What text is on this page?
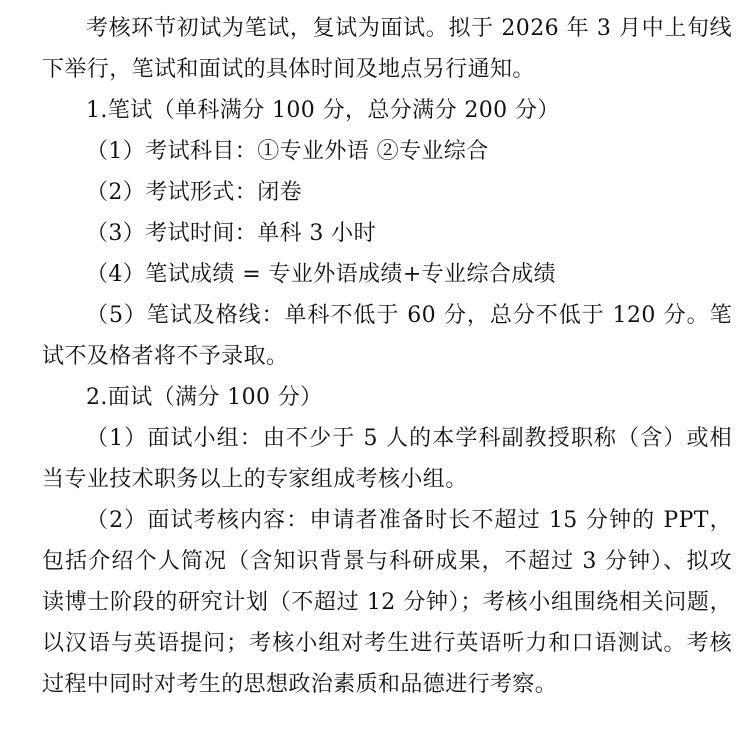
考核环节初试为笔试，复试为面试。拟于 2026 年 3 月中上旬线下举行，笔试和面试的具体时间及地点另行通知。

1.笔试（单科满分 100 分，总分满分 200 分）

（1）考试科目：①专业外语 ②专业综合

（2）考试形式：闭卷

（3）考试时间：单科 3 小时

（4）笔试成绩 = 专业外语成绩+专业综合成绩

（5）笔试及格线：单科不低于 60 分，总分不低于 120 分。笔试不及格者将不予录取。

2.面试（满分 100 分）

（1）面试小组：由不少于 5 人的本学科副教授职称（含）或相当专业技术职务以上的专家组成考核小组。

（2）面试考核内容：申请者准备时长不超过 15 分钟的 PPT，包括介绍个人简况（含知识背景与科研成果，不超过 3 分钟）、拟攻读博士阶段的研究计划（不超过 12 分钟）；考核小组围绕相关问题，以汉语与英语提问；考核小组对考生进行英语听力和口语测试。考核过程中同时对考生的思想政治素质和品德进行考察。
